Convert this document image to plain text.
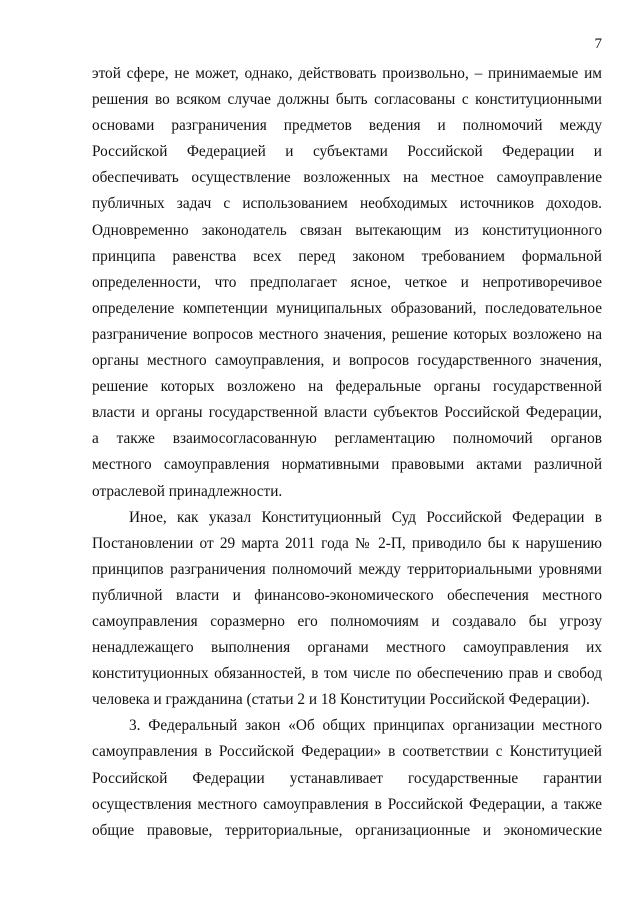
7
этой сфере, не может, однако, действовать произвольно, – принимаемые им
решения во всяком случае должны быть согласованы с конституционными
основами разграничения предметов ведения и полномочий между
Российской Федерацией и субъектами Российской Федерации и
обеспечивать осуществление возложенных на местное самоуправление
публичных задач с использованием необходимых источников доходов.
Одновременно законодатель связан вытекающим из конституционного
принципа равенства всех перед законом требованием формальной
определенности, что предполагает ясное, четкое и непротиворечивое
определение компетенции муниципальных образований, последовательное
разграничение вопросов местного значения, решение которых возложено на
органы местного самоуправления, и вопросов государственного значения,
решение которых возложено на федеральные органы государственной
власти и органы государственной власти субъектов Российской Федерации,
а также взаимосогласованную регламентацию полномочий органов
местного самоуправления нормативными правовыми актами различной
отраслевой принадлежности.
Иное, как указал Конституционный Суд Российской Федерации в
Постановлении от 29 марта 2011 года № 2-П, приводило бы к нарушению
принципов разграничения полномочий между территориальными уровнями
публичной власти и финансово-экономического обеспечения местного
самоуправления соразмерно его полномочиям и создавало бы угрозу
ненадлежащего выполнения органами местного самоуправления их
конституционных обязанностей, в том числе по обеспечению прав и свобод
человека и гражданина (статьи 2 и 18 Конституции Российской Федерации).
3. Федеральный закон «Об общих принципах организации местного
самоуправления в Российской Федерации» в соответствии с Конституцией
Российской Федерации устанавливает государственные гарантии
осуществления местного самоуправления в Российской Федерации, а также
общие правовые, территориальные, организационные и экономические
